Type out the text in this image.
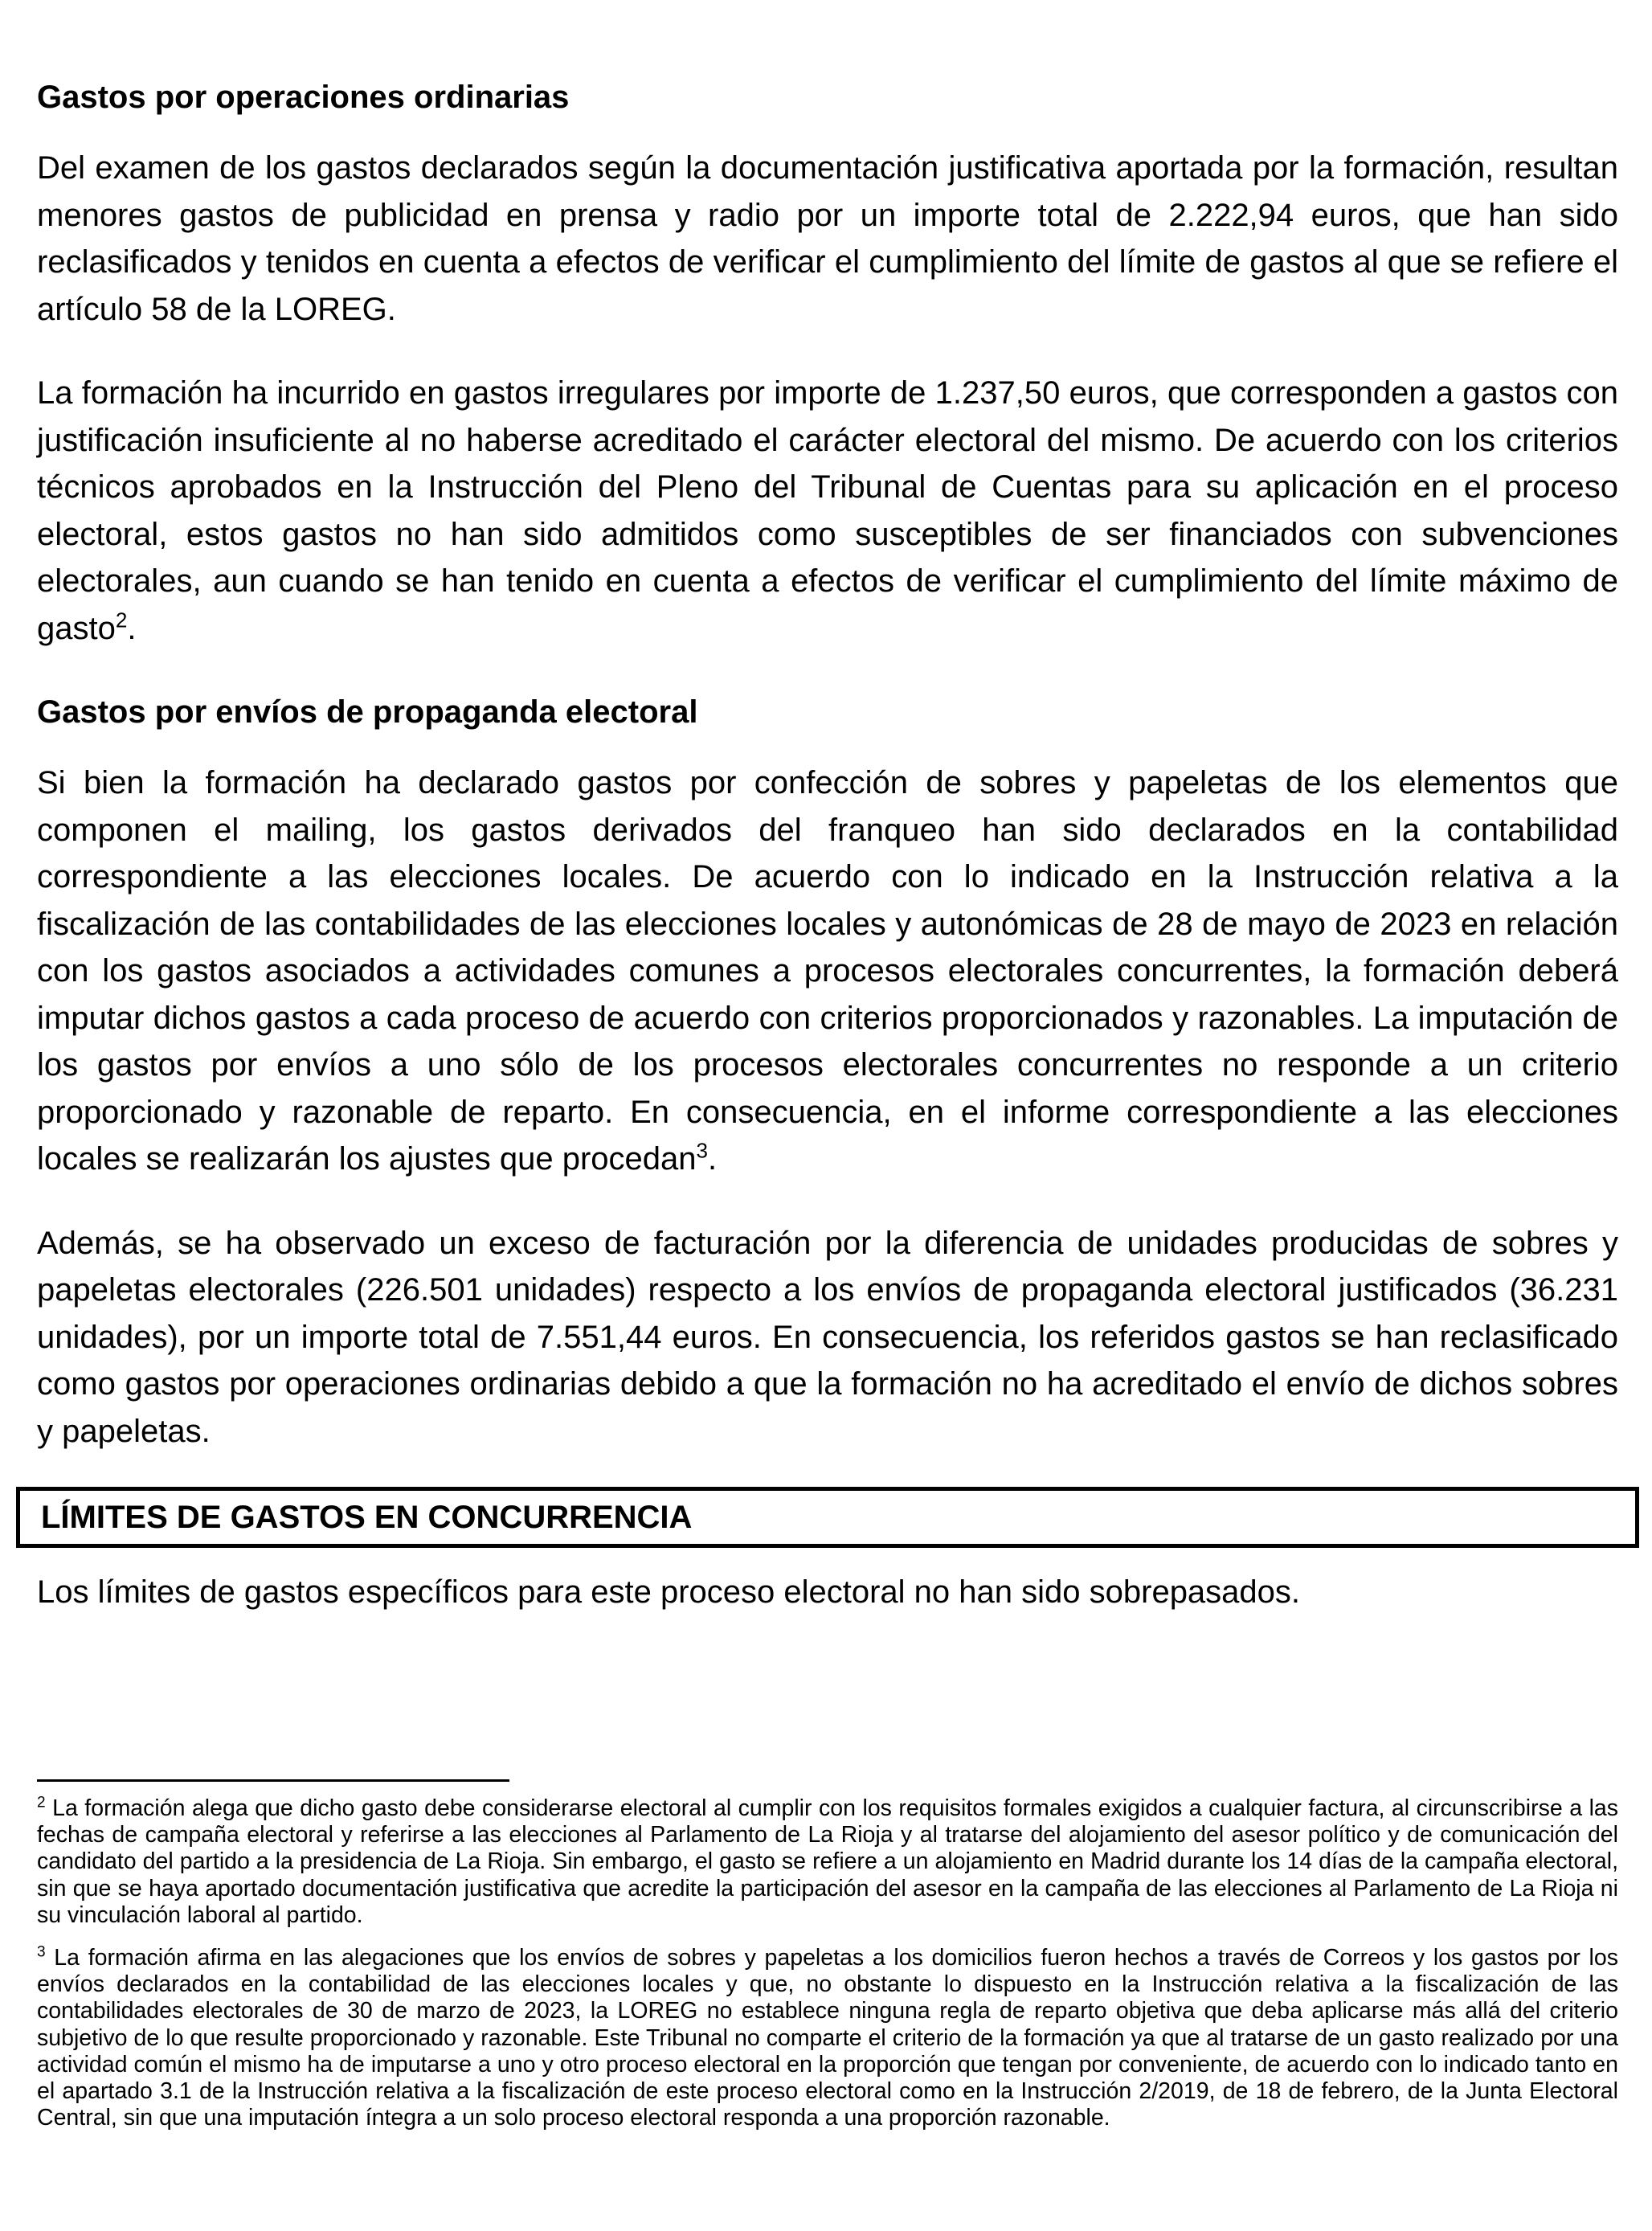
Gastos por operaciones ordinarias

Del examen de los gastos declarados según la documentación justificativa aportada por la formación, resultan menores gastos de publicidad en prensa y radio por un importe total de 2.222,94 euros, que han sido reclasificados y tenidos en cuenta a efectos de verificar el cumplimiento del límite de gastos al que se refiere el artículo 58 de la LOREG.

La formación ha incurrido en gastos irregulares por importe de 1.237,50 euros, que corresponden a gastos con justificación insuficiente al no haberse acreditado el carácter electoral del mismo. De acuerdo con los criterios técnicos aprobados en la Instrucción del Pleno del Tribunal de Cuentas para su aplicación en el proceso electoral, estos gastos no han sido admitidos como susceptibles de ser financiados con subvenciones electorales, aun cuando se han tenido en cuenta a efectos de verificar el cumplimiento del límite máximo de gasto$^2$.

Gastos por envíos de propaganda electoral

Si bien la formación ha declarado gastos por confección de sobres y papeletas de los elementos que componen el mailing, los gastos derivados del franqueo han sido declarados en la contabilidad correspondiente a las elecciones locales. De acuerdo con lo indicado en la Instrucción relativa a la fiscalización de las contabilidades de las elecciones locales y autonómicas de 28 de mayo de 2023 en relación con los gastos asociados a actividades comunes a procesos electorales concurrentes, la formación deberá imputar dichos gastos a cada proceso de acuerdo con criterios proporcionados y razonables. La imputación de los gastos por envíos a uno sólo de los procesos electorales concurrentes no responde a un criterio proporcionado y razonable de reparto. En consecuencia, en el informe correspondiente a las elecciones locales se realizarán los ajustes que procedan$^3$.

Además, se ha observado un exceso de facturación por la diferencia de unidades producidas de sobres y papeletas electorales (226.501 unidades) respecto a los envíos de propaganda electoral justificados (36.231 unidades), por un importe total de 7.551,44 euros. En consecuencia, los referidos gastos se han reclasificado como gastos por operaciones ordinarias debido a que la formación no ha acreditado el envío de dichos sobres y papeletas.

LÍMITES DE GASTOS EN CONCURRENCIA

Los límites de gastos específicos para este proceso electoral no han sido sobrepasados.

$^2$ La formación alega que dicho gasto debe considerarse electoral al cumplir con los requisitos formales exigidos a cualquier factura, al circunscribirse a las fechas de campaña electoral y referirse a las elecciones al Parlamento de La Rioja y al tratarse del alojamiento del asesor político y de comunicación del candidato del partido a la presidencia de La Rioja. Sin embargo, el gasto se refiere a un alojamiento en Madrid durante los 14 días de la campaña electoral, sin que se haya aportado documentación justificativa que acredite la participación del asesor en la campaña de las elecciones al Parlamento de La Rioja ni su vinculación laboral al partido.

$^3$ La formación afirma en las alegaciones que los envíos de sobres y papeletas a los domicilios fueron hechos a través de Correos y los gastos por los envíos declarados en la contabilidad de las elecciones locales y que, no obstante lo dispuesto en la Instrucción relativa a la fiscalización de las contabilidades electorales de 30 de marzo de 2023, la LOREG no establece ninguna regla de reparto objetiva que deba aplicarse más allá del criterio subjetivo de lo que resulte proporcionado y razonable. Este Tribunal no comparte el criterio de la formación ya que al tratarse de un gasto realizado por una actividad común el mismo ha de imputarse a uno y otro proceso electoral en la proporción que tengan por conveniente, de acuerdo con lo indicado tanto en el apartado 3.1 de la Instrucción relativa a la fiscalización de este proceso electoral como en la Instrucción 2/2019, de 18 de febrero, de la Junta Electoral Central, sin que una imputación íntegra a un solo proceso electoral responda a una proporción razonable.
